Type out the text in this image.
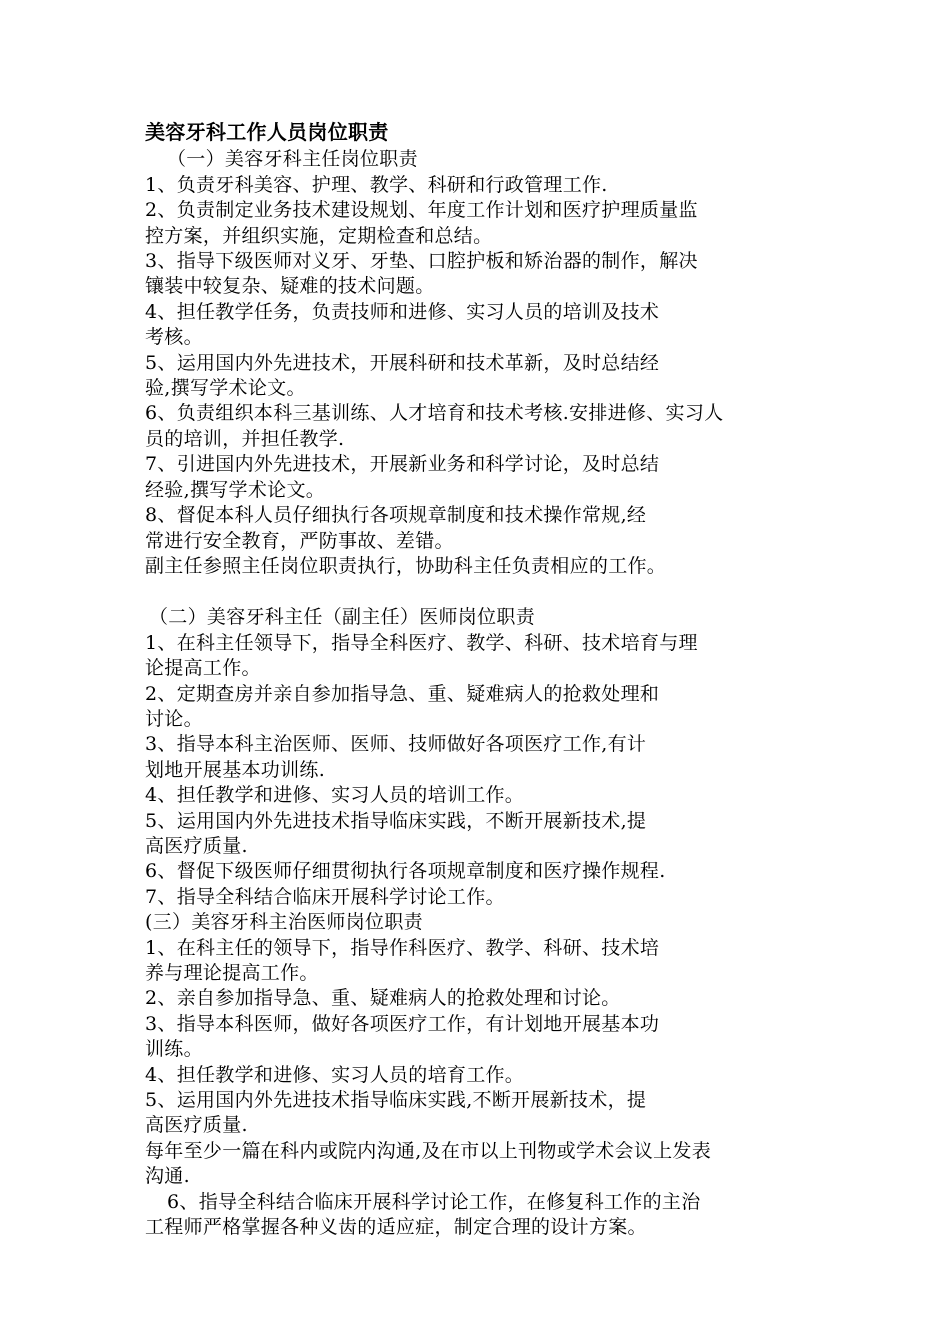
美容牙科工作人员岗位职责
（一）美容牙科主任岗位职责
1、负责牙科美容、护理、教学、科研和行政管理工作.
2、负责制定业务技术建设规划、年度工作计划和医疗护理质量监
控方案，并组织实施，定期检查和总结。
3、指导下级医师对义牙、牙垫、口腔护板和矫治器的制作，解决
镶装中较复杂、疑难的技术问题。
4、担任教学任务，负责技师和进修、实习人员的培训及技术
考核。
5、运用国内外先进技术，开展科研和技术革新，及时总结经
验,撰写学术论文。
6、负责组织本科三基训练、人才培育和技术考核.安排进修、实习人
员的培训，并担任教学.
7、引进国内外先进技术，开展新业务和科学讨论，及时总结
经验,撰写学术论文。
8、督促本科人员仔细执行各项规章制度和技术操作常规,经
常进行安全教育，严防事故、差错。
副主任参照主任岗位职责执行，协助科主任负责相应的工作。
（二）美容牙科主任（副主任）医师岗位职责
1、在科主任领导下，指导全科医疗、教学、科研、技术培育与理
论提高工作。
2、定期查房并亲自参加指导急、重、疑难病人的抢救处理和
讨论。
3、指导本科主治医师、医师、技师做好各项医疗工作,有计
划地开展基本功训练.
4、担任教学和进修、实习人员的培训工作。
5、运用国内外先进技术指导临床实践，不断开展新技术,提
高医疗质量.
6、督促下级医师仔细贯彻执行各项规章制度和医疗操作规程.
7、指导全科结合临床开展科学讨论工作。
(三）美容牙科主治医师岗位职责
1、在科主任的领导下，指导作科医疗、教学、科研、技术培
养与理论提高工作。
2、亲自参加指导急、重、疑难病人的抢救处理和讨论。
3、指导本科医师，做好各项医疗工作，有计划地开展基本功
训练。
4、担任教学和进修、实习人员的培育工作。
5、运用国内外先进技术指导临床实践,不断开展新技术，提
高医疗质量.
每年至少一篇在科内或院内沟通,及在市以上刊物或学术会议上发表
沟通.
6、指导全科结合临床开展科学讨论工作，在修复科工作的主治
工程师严格掌握各种义齿的适应症，制定合理的设计方案。
